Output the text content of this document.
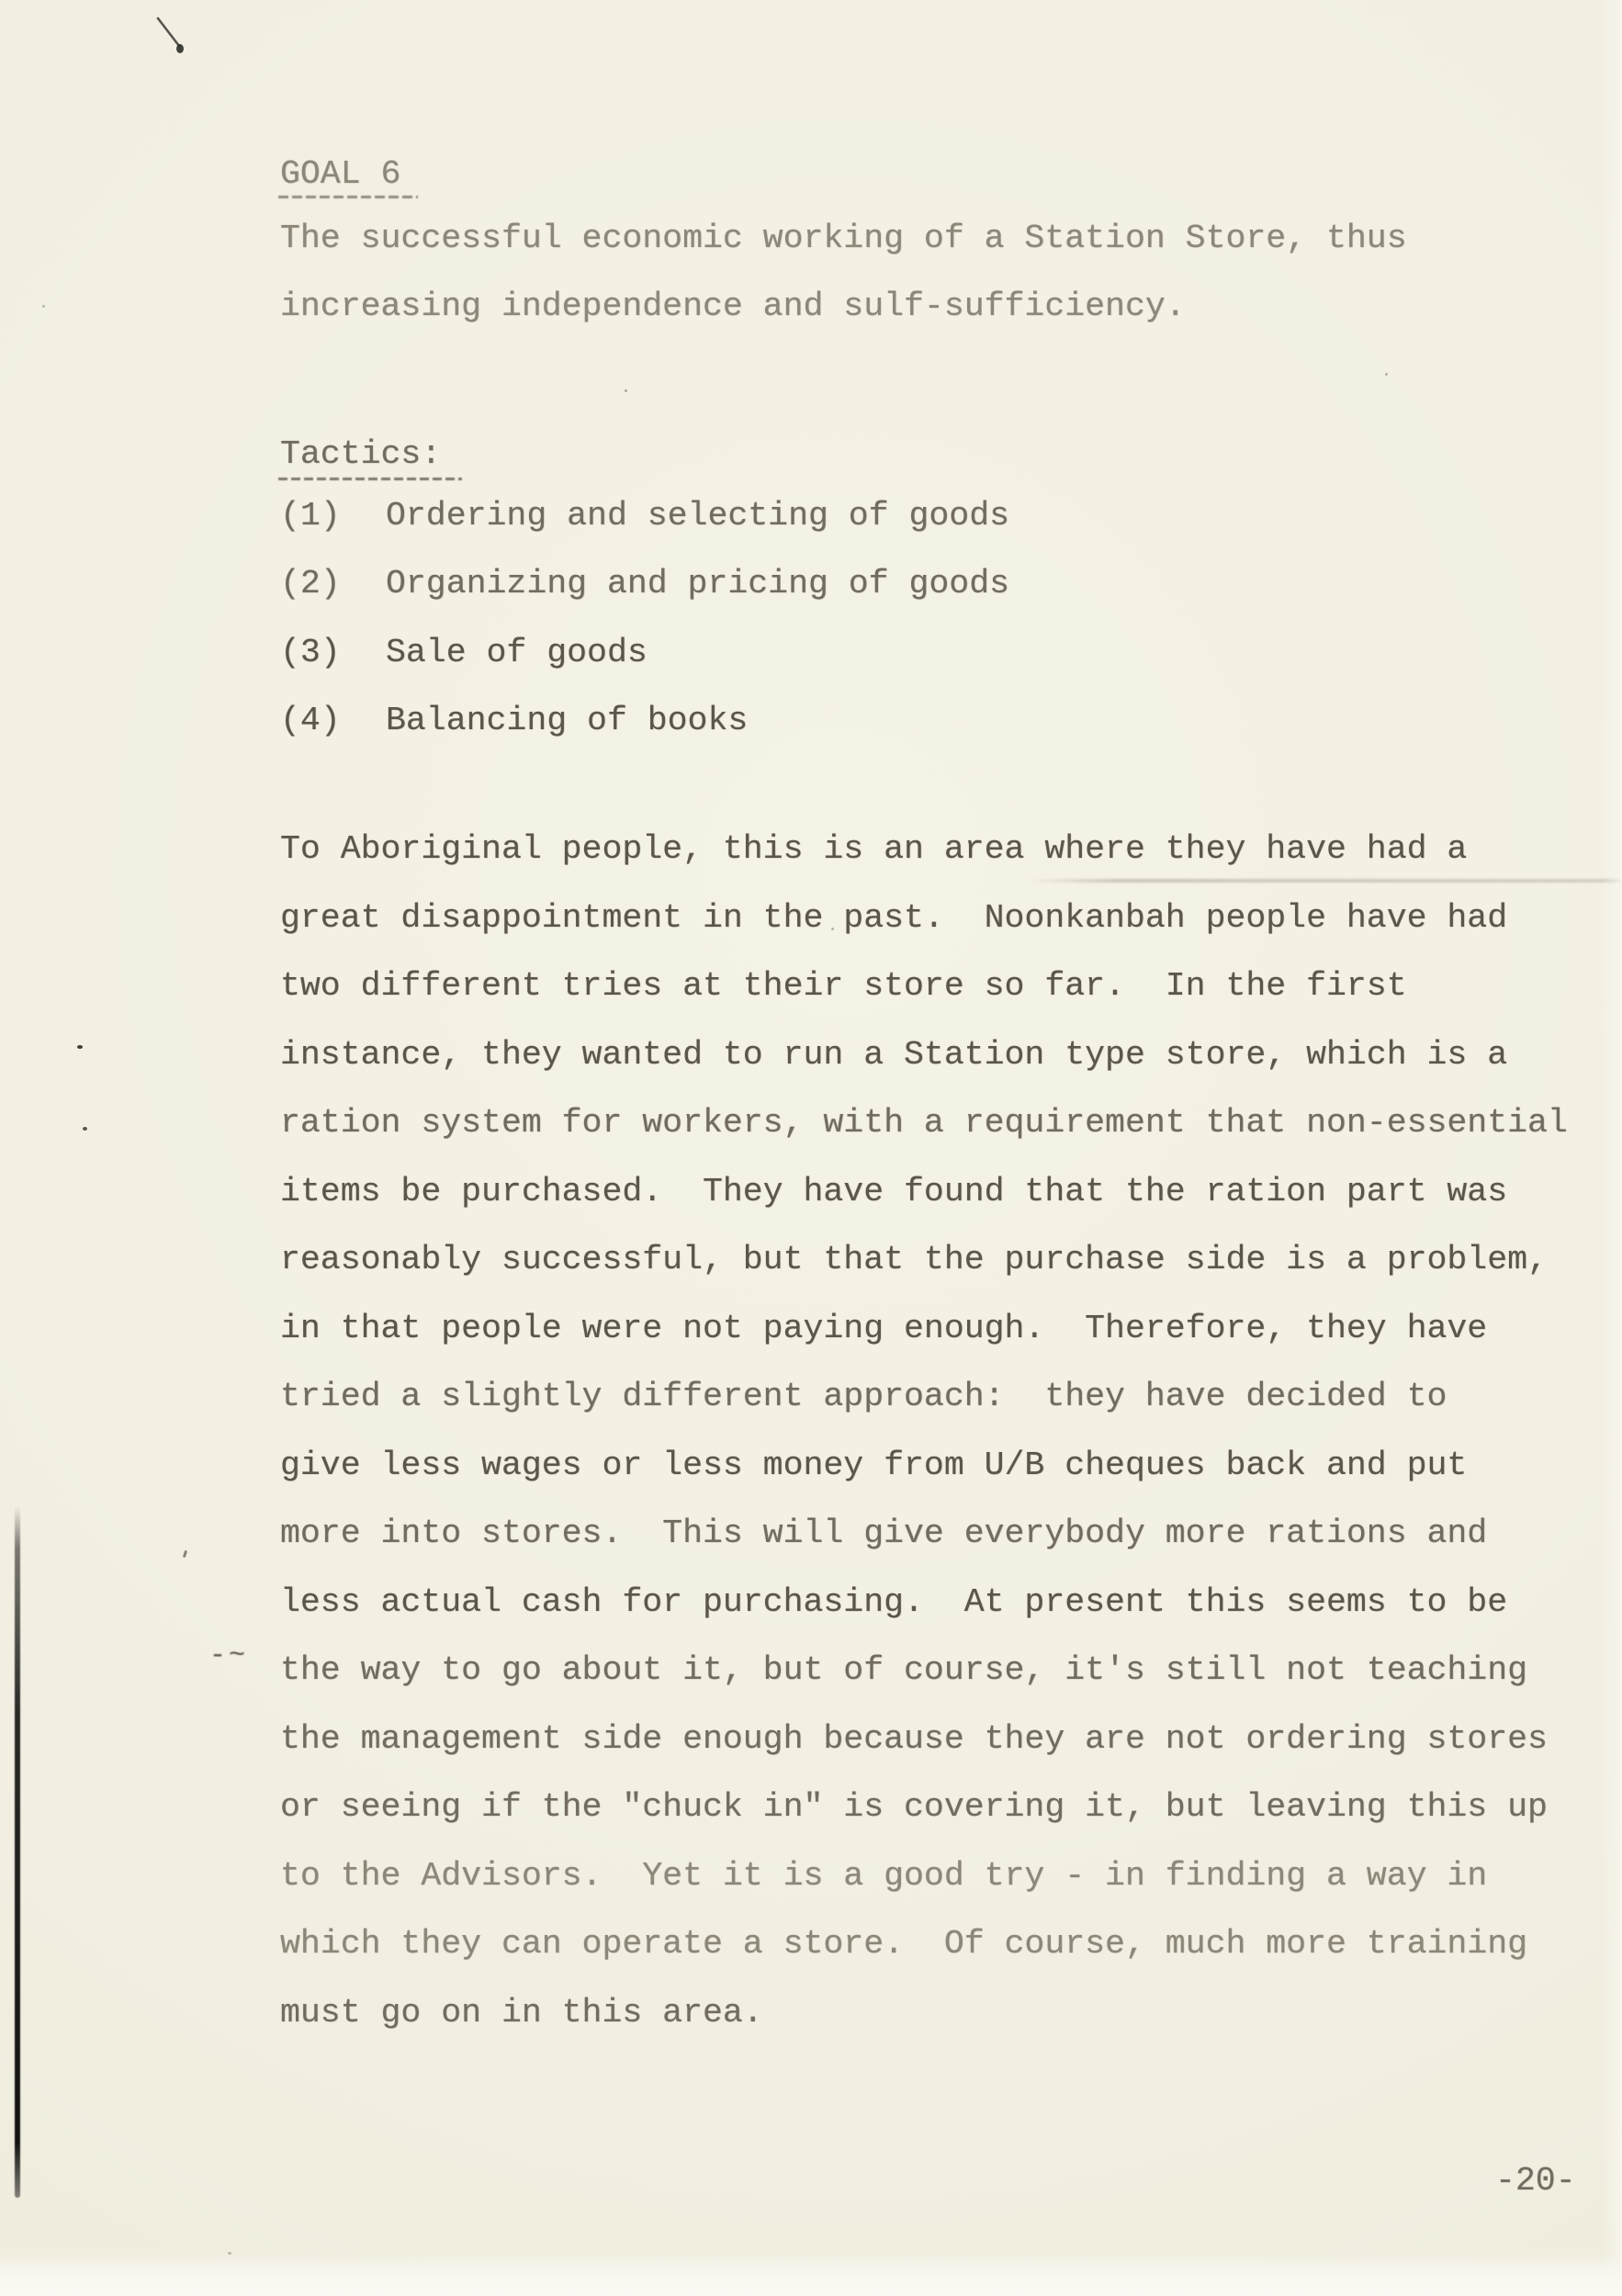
GOAL 6
The successful economic working of a Station Store, thus
increasing independence and sulf-sufficiency.
Tactics:
(1) Ordering and selecting of goods
(2) Organizing and pricing of goods
(3) Sale of goods
(4) Balancing of books
To Aboriginal people, this is an area where they have had a
great disappointment in the past.  Noonkanbah people have had
two different tries at their store so far.  In the first
instance, they wanted to run a Station type store, which is a
ration system for workers, with a requirement that non-essential
items be purchased.  They have found that the ration part was
reasonably successful, but that the purchase side is a problem,
in that people were not paying enough.  Therefore, they have
tried a slightly different approach:  they have decided to
give less wages or less money from U/B cheques back and put
more into stores.  This will give everybody more rations and
less actual cash for purchasing.  At present this seems to be
the way to go about it, but of course, it's still not teaching
the management side enough because they are not ordering stores
or seeing if the "chuck in" is covering it, but leaving this up
to the Advisors.  Yet it is a good try - in finding a way in
which they can operate a store.  Of course, much more training
must go on in this area.
-~
-20-
